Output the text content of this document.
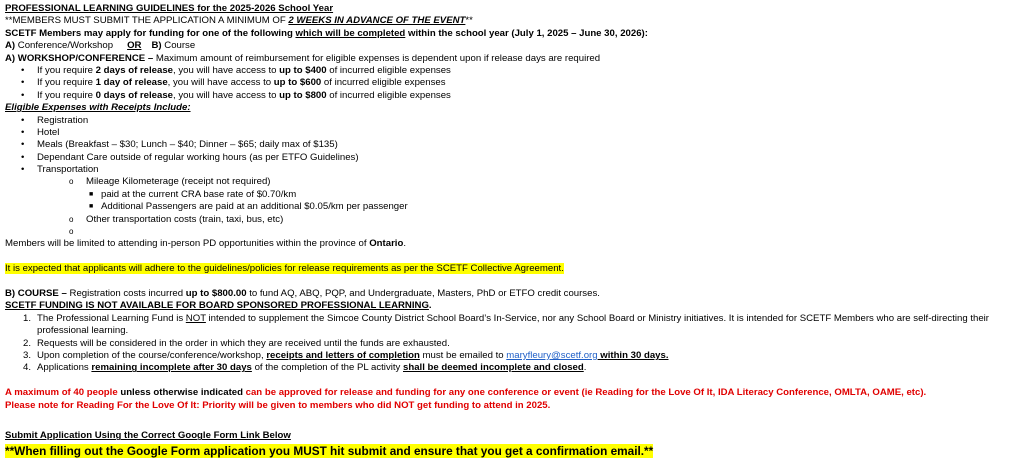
PROFESSIONAL LEARNING GUIDELINES for the 2025-2026 School Year
**MEMBERS MUST SUBMIT THE APPLICATION A MINIMUM OF 2 WEEKS IN ADVANCE OF THE EVENT**
SCETF Members may apply for funding for one of the following which will be completed within the school year (July 1, 2025 – June 30, 2026):
A) Conference/Workshop OR B) Course
A) WORKSHOP/CONFERENCE – Maximum amount of reimbursement for eligible expenses is dependent upon if release days are required
• If you require 2 days of release, you will have access to up to $400 of incurred eligible expenses
• If you require 1 day of release, you will have access to up to $600 of incurred eligible expenses
• If you require 0 days of release, you will have access to up to $800 of incurred eligible expenses
Eligible Expenses with Receipts Include:
• Registration
• Hotel
• Meals (Breakfast – $30; Lunch – $40; Dinner – $65; daily max of $135)
• Dependant Care outside of regular working hours (as per ETFO Guidelines)
• Transportation
o Mileage Kilometerage (receipt not required)
■ paid at the current CRA base rate of $0.70/km
■ Additional Passengers are paid at an additional $0.05/km per passenger
o Other transportation costs (train, taxi, bus, etc)
o
Members will be limited to attending in-person PD opportunities within the province of Ontario.
It is expected that applicants will adhere to the guidelines/policies for release requirements as per the SCETF Collective Agreement.
B) COURSE – Registration costs incurred up to $800.00 to fund AQ, ABQ, PQP, and Undergraduate, Masters, PhD or ETFO credit courses.
SCETF FUNDING IS NOT AVAILABLE FOR BOARD SPONSORED PROFESSIONAL LEARNING.
1. The Professional Learning Fund is NOT intended to supplement the Simcoe County District School Board’s In-Service, nor any School Board or Ministry initiatives. It is intended for SCETF Members who are self-directing their professional learning.
2. Requests will be considered in the order in which they are received until the funds are exhausted.
3. Upon completion of the course/conference/workshop, receipts and letters of completion must be emailed to maryfleury@scetf.org within 30 days.
4. Applications remaining incomplete after 30 days of the completion of the PL activity shall be deemed incomplete and closed.
A maximum of 40 people unless otherwise indicated can be approved for release and funding for any one conference or event (ie Reading for the Love Of It, IDA Literacy Conference, OMLTA, OAME, etc).
Please note for Reading For the Love Of It: Priority will be given to members who did NOT get funding to attend in 2025.
Submit Application Using the Correct Google Form Link Below
**When filling out the Google Form application you MUST hit submit and ensure that you get a confirmation email.**
